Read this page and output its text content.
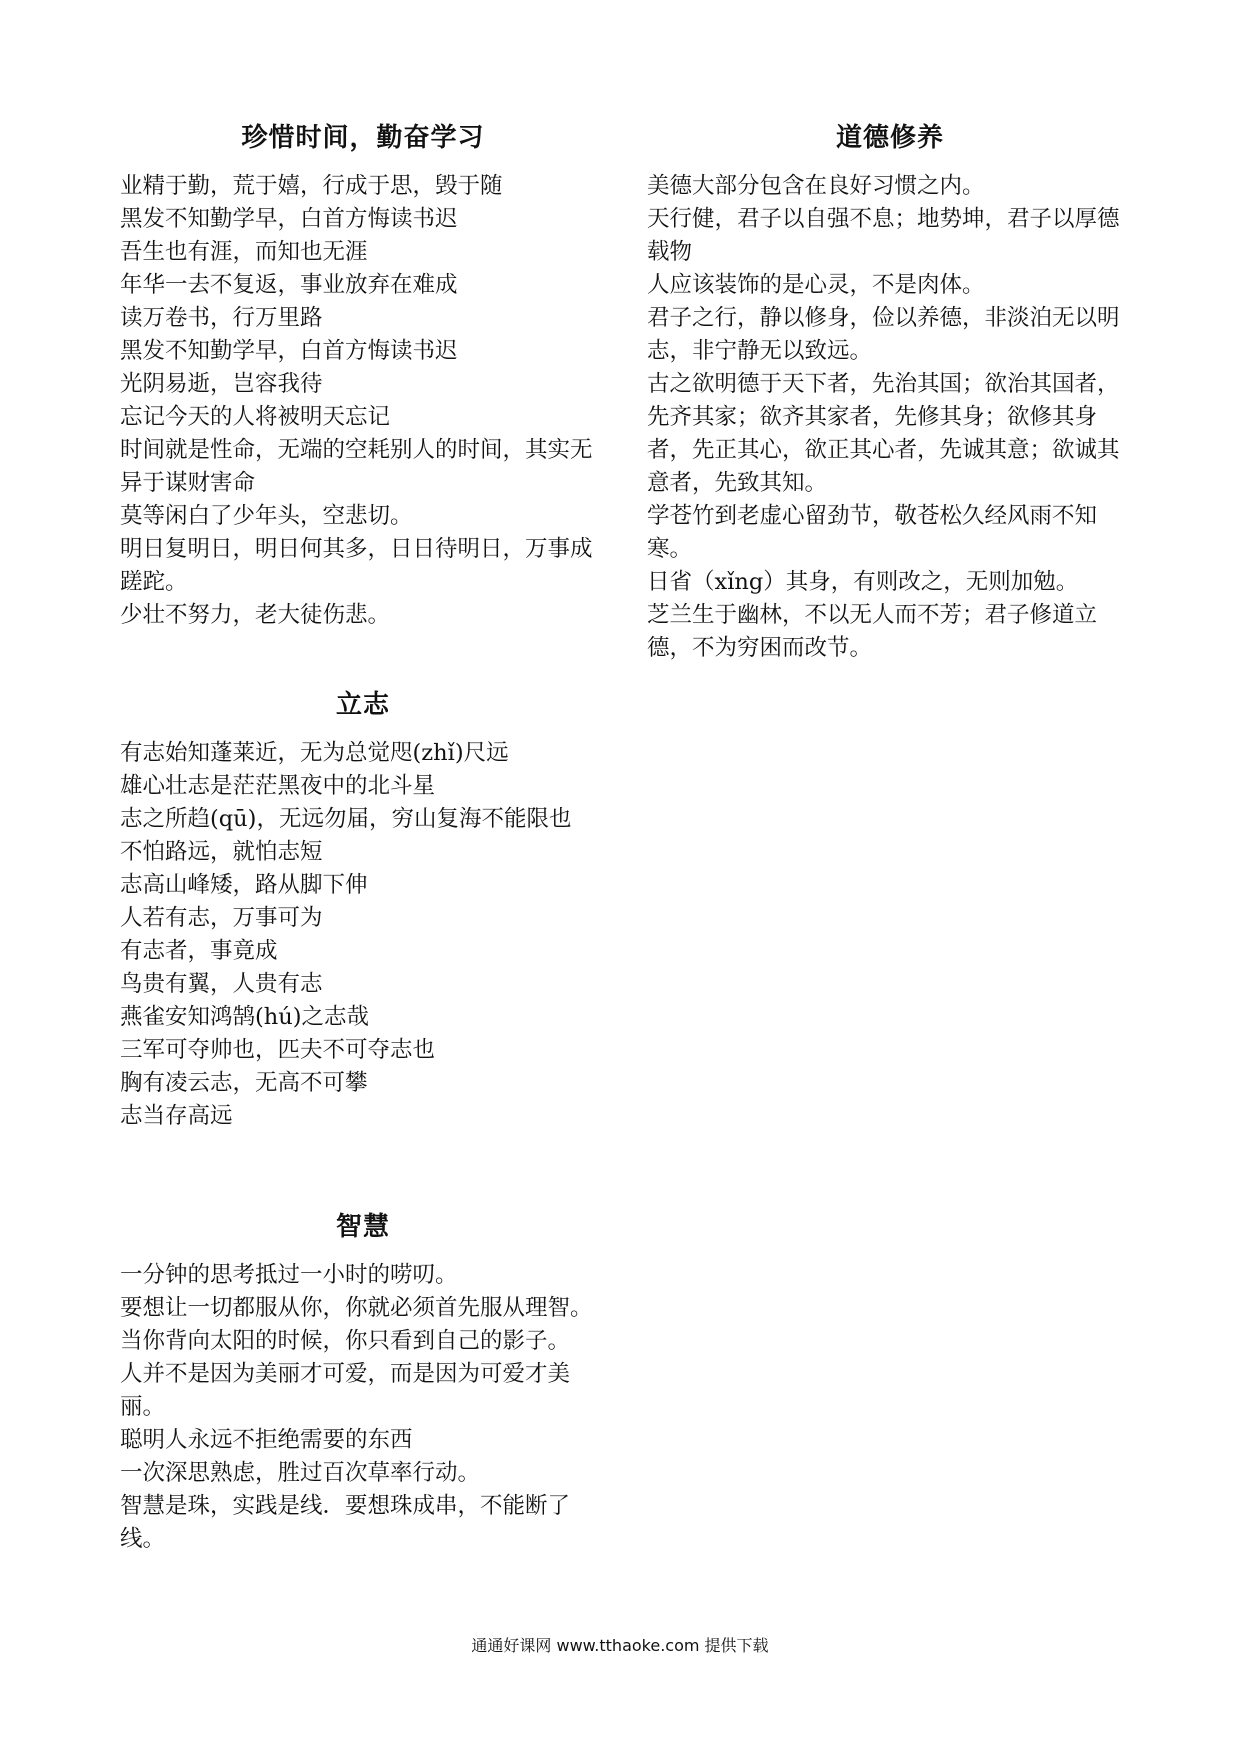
珍惜时间，勤奋学习

业精于勤，荒于嬉，行成于思，毁于随

黑发不知勤学早，白首方悔读书迟

吾生也有涯，而知也无涯

年华一去不复返，事业放弃在难成

读万卷书，行万里路

黑发不知勤学早，白首方悔读书迟

光阴易逝，岂容我待

忘记今天的人将被明天忘记

时间就是性命，无端的空耗别人的时间，其实无异于谋财害命

莫等闲白了少年头，空悲切。

明日复明日，明日何其多，日日待明日，万事成蹉跎。

少壮不努力，老大徒伤悲。

立志

有志始知蓬莱近，无为总觉咫(zhǐ)尺远

雄心壮志是茫茫黑夜中的北斗星

志之所趋(qū)，无远勿届，穷山复海不能限也

不怕路远，就怕志短

志高山峰矮，路从脚下伸

人若有志，万事可为

有志者，事竟成

鸟贵有翼，人贵有志

燕雀安知鸿鹄(hú)之志哉

三军可夺帅也，匹夫不可夺志也

胸有凌云志，无高不可攀

志当存高远

智慧

一分钟的思考抵过一小时的唠叨。

要想让一切都服从你，你就必须首先服从理智。

当你背向太阳的时候，你只看到自己的影子。

人并不是因为美丽才可爱，而是因为可爱才美丽。

聪明人永远不拒绝需要的东西

一次深思熟虑，胜过百次草率行动。

智慧是珠，实践是线．要想珠成串，不能断了线。

道德修养

美德大部分包含在良好习惯之内。

天行健，君子以自强不息；地势坤，君子以厚德载物

人应该装饰的是心灵，不是肉体。

君子之行，静以修身，俭以养德，非淡泊无以明志，非宁静无以致远。

古之欲明德于天下者，先治其国；欲治其国者，先齐其家；欲齐其家者，先修其身；欲修其身者，先正其心，欲正其心者，先诚其意；欲诚其意者，先致其知。

学苍竹到老虚心留劲节，敬苍松久经风雨不知寒。

日省（xǐng）其身，有则改之，无则加勉。

芝兰生于幽林，不以无人而不芳；君子修道立德，不为穷困而改节。

通通好课网 www.tthaoke.com 提供下载
